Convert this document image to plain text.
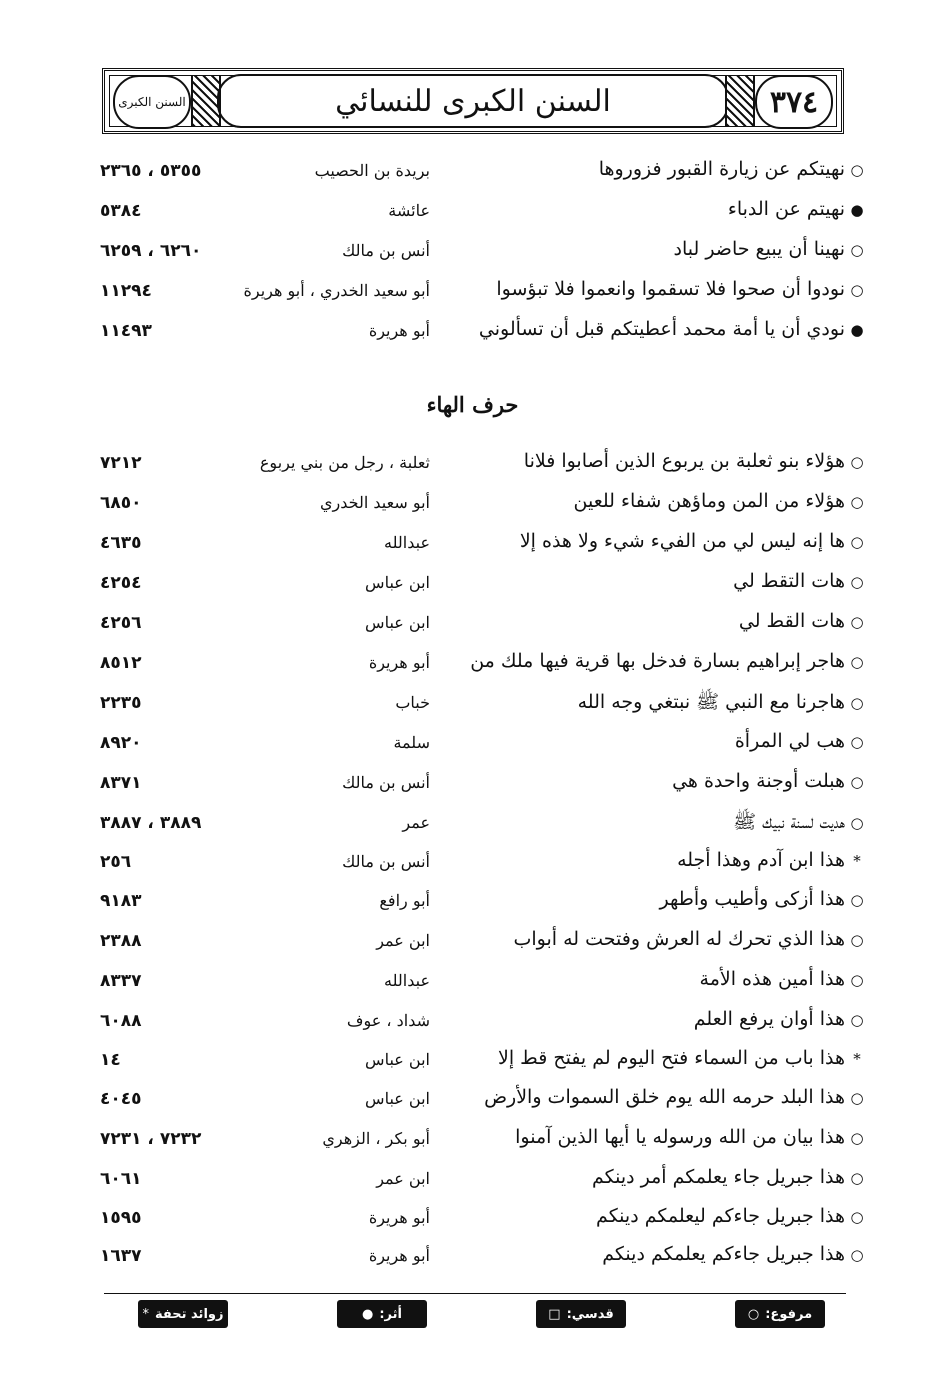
السنن الكبرى	السنن الكبرى للنسائي	٣٧٤
○نهيتكم عن زيارة القبور فزوروها
بريدة بن الحصيب
٥٣٥٥ ، ٢٣٦٥
●نهيتم عن الدباء
عائشة
٥٣٨٤
○نهينا أن يبيع حاضر لباد
أنس بن مالك
٦٢٦٠ ، ٦٢٥٩
○نودوا أن صحوا فلا تسقموا وانعموا فلا تبؤسوا
أبو سعيد الخدري ، أبو هريرة
١١٢٩٤
●نودي أن يا أمة محمد أعطيتكم قبل أن تسألوني
أبو هريرة
١١٤٩٣
حرف الهاء
○هؤلاء بنو ثعلبة بن يربوع الذين أصابوا فلانا
ثعلبة ، رجل من بني يربوع
٧٢١٢
○هؤلاء من المن وماؤهن شفاء للعين
أبو سعيد الخدري
٦٨٥٠
○ها إنه ليس لي من الفيء شيء ولا هذه إلا
عبدالله
٤٦٣٥
○هات التقط لي
ابن عباس
٤٢٥٤
○هات القط لي
ابن عباس
٤٢٥٦
○هاجر إبراهيم بسارة فدخل بها قرية فيها ملك من
أبو هريرة
٨٥١٢
○هاجرنا مع النبي ﷺ نبتغي وجه الله
خباب
٢٢٣٥
○هب لي المرأة
سلمة
٨٩٢٠
○هبلت أوجنة واحدة هي
أنس بن مالك
٨٣٧١
○هديت لسنة نبيك ﷺ
عمر
٣٨٨٩ ، ٣٨٨٧
*هذا ابن آدم وهذا أجله
أنس بن مالك
٢٥٦
○هذا أزكى وأطيب وأطهر
أبو رافع
٩١٨٣
○هذا الذي تحرك له العرش وفتحت له أبواب
ابن عمر
٢٣٨٨
○هذا أمين هذه الأمة
عبدالله
٨٣٣٧
○هذا أوان يرفع العلم
شداد ، عوف
٦٠٨٨
*هذا باب من السماء فتح اليوم لم يفتح قط إلا
ابن عباس
١٤
○هذا البلد حرمه الله يوم خلق السموات والأرض
ابن عباس
٤٠٤٥
○هذا بيان من الله ورسوله يا أيها الذين آمنوا
أبو بكر ، الزهري
٧٢٣٢ ، ٧٢٣١
○هذا جبريل جاء يعلمكم أمر دينكم
ابن عمر
٦٠٦١
○هذا جبريل جاءكم ليعلمكم دينكم
أبو هريرة
١٥٩٥
○هذا جبريل جاءكم يعلمكم دينكم
أبو هريرة
١٦٣٧
مرفوع:
○
قدسي:
□
أثر:
●
زوائد تحفة
*
